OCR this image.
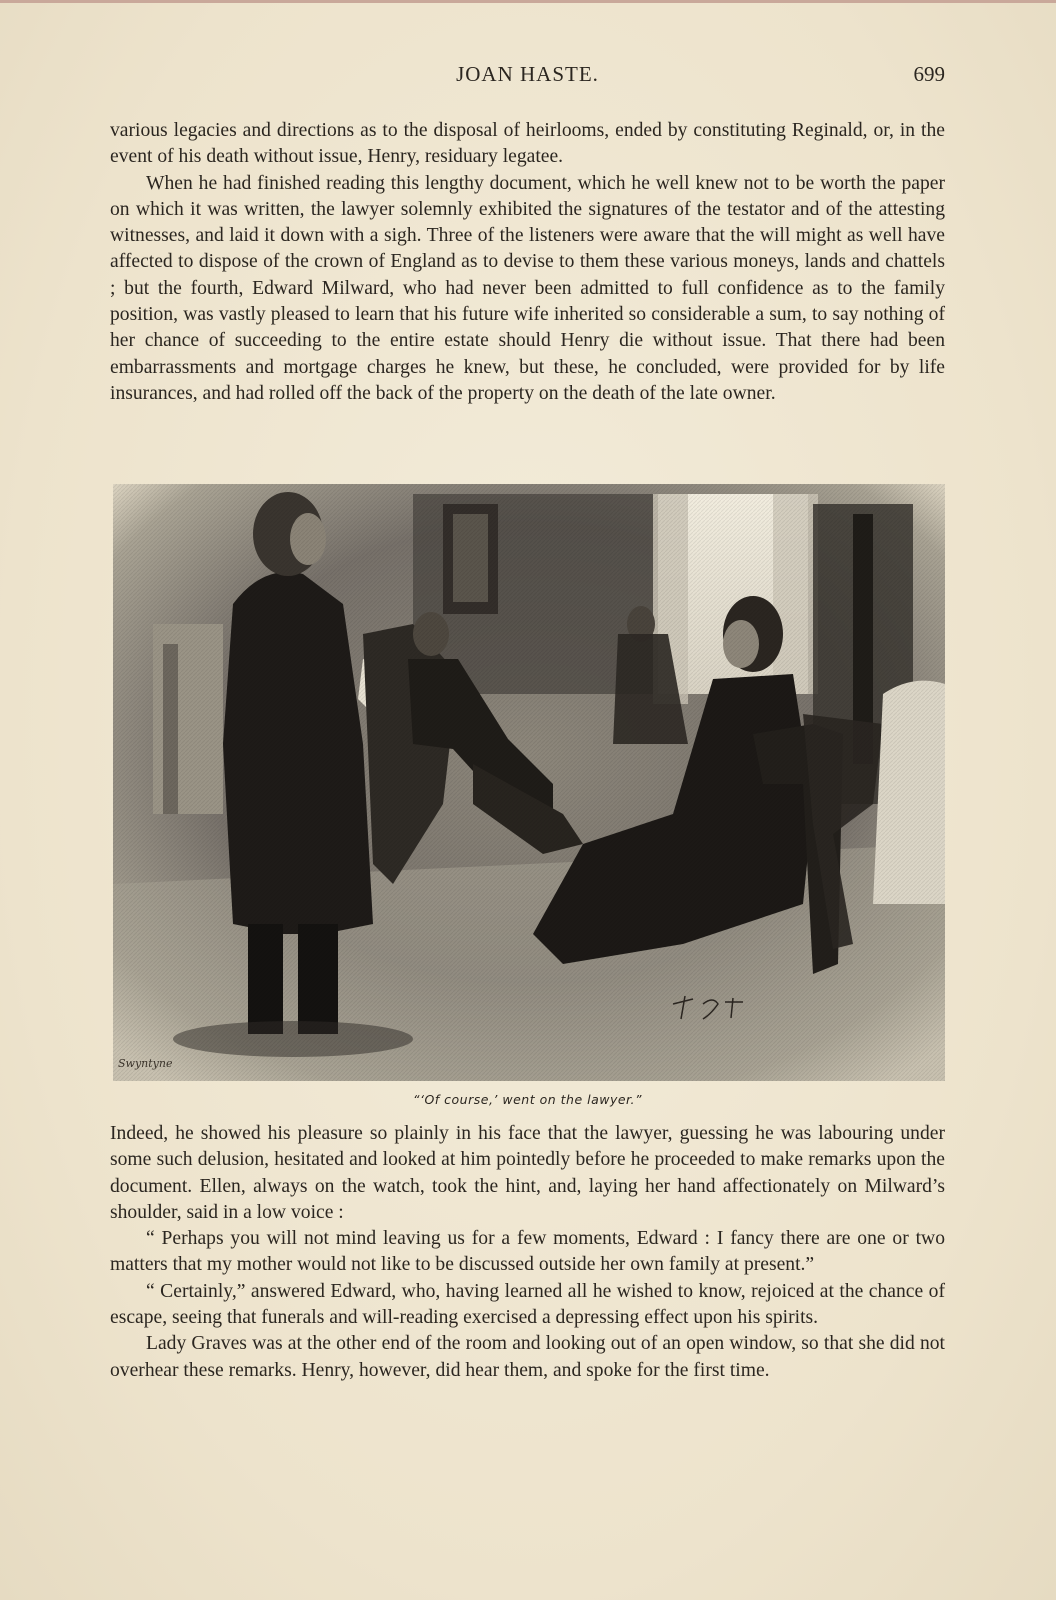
JOAN HASTE.	699

various legacies and directions as to the disposal of heirlooms, ended by constituting Reginald, or, in the event of his death without issue, Henry, residuary legatee.

When he had finished reading this lengthy document, which he well knew not to be worth the paper on which it was written, the lawyer solemnly exhibited the signatures of the testator and of the attesting witnesses, and laid it down with a sigh. Three of the listeners were aware that the will might as well have affected to dispose of the crown of England as to devise to them these various moneys, lands and chattels ; but the fourth, Edward Milward, who had never been admitted to full confidence as to the family position, was vastly pleased to learn that his future wife inherited so considerable a sum, to say nothing of her chance of succeeding to the entire estate should Henry die without issue. That there had been embarrassments and mortgage charges he knew, but these, he concluded, were provided for by life insurances, and had rolled off the back of the property on the death of the late owner.

Swyntyne
“‘Of course,’ went on the lawyer.”

Indeed, he showed his pleasure so plainly in his face that the lawyer, guessing he was labouring under some such delusion, hesitated and looked at him pointedly before he proceeded to make remarks upon the document. Ellen, always on the watch, took the hint, and, laying her hand affectionately on Milward’s shoulder, said in a low voice :

“ Perhaps you will not mind leaving us for a few moments, Edward : I fancy there are one or two matters that my mother would not like to be discussed outside her own family at present.”

“ Certainly,” answered Edward, who, having learned all he wished to know, rejoiced at the chance of escape, seeing that funerals and will-reading exercised a depressing effect upon his spirits.

Lady Graves was at the other end of the room and looking out of an open window, so that she did not overhear these remarks. Henry, however, did hear them, and spoke for the first time.
